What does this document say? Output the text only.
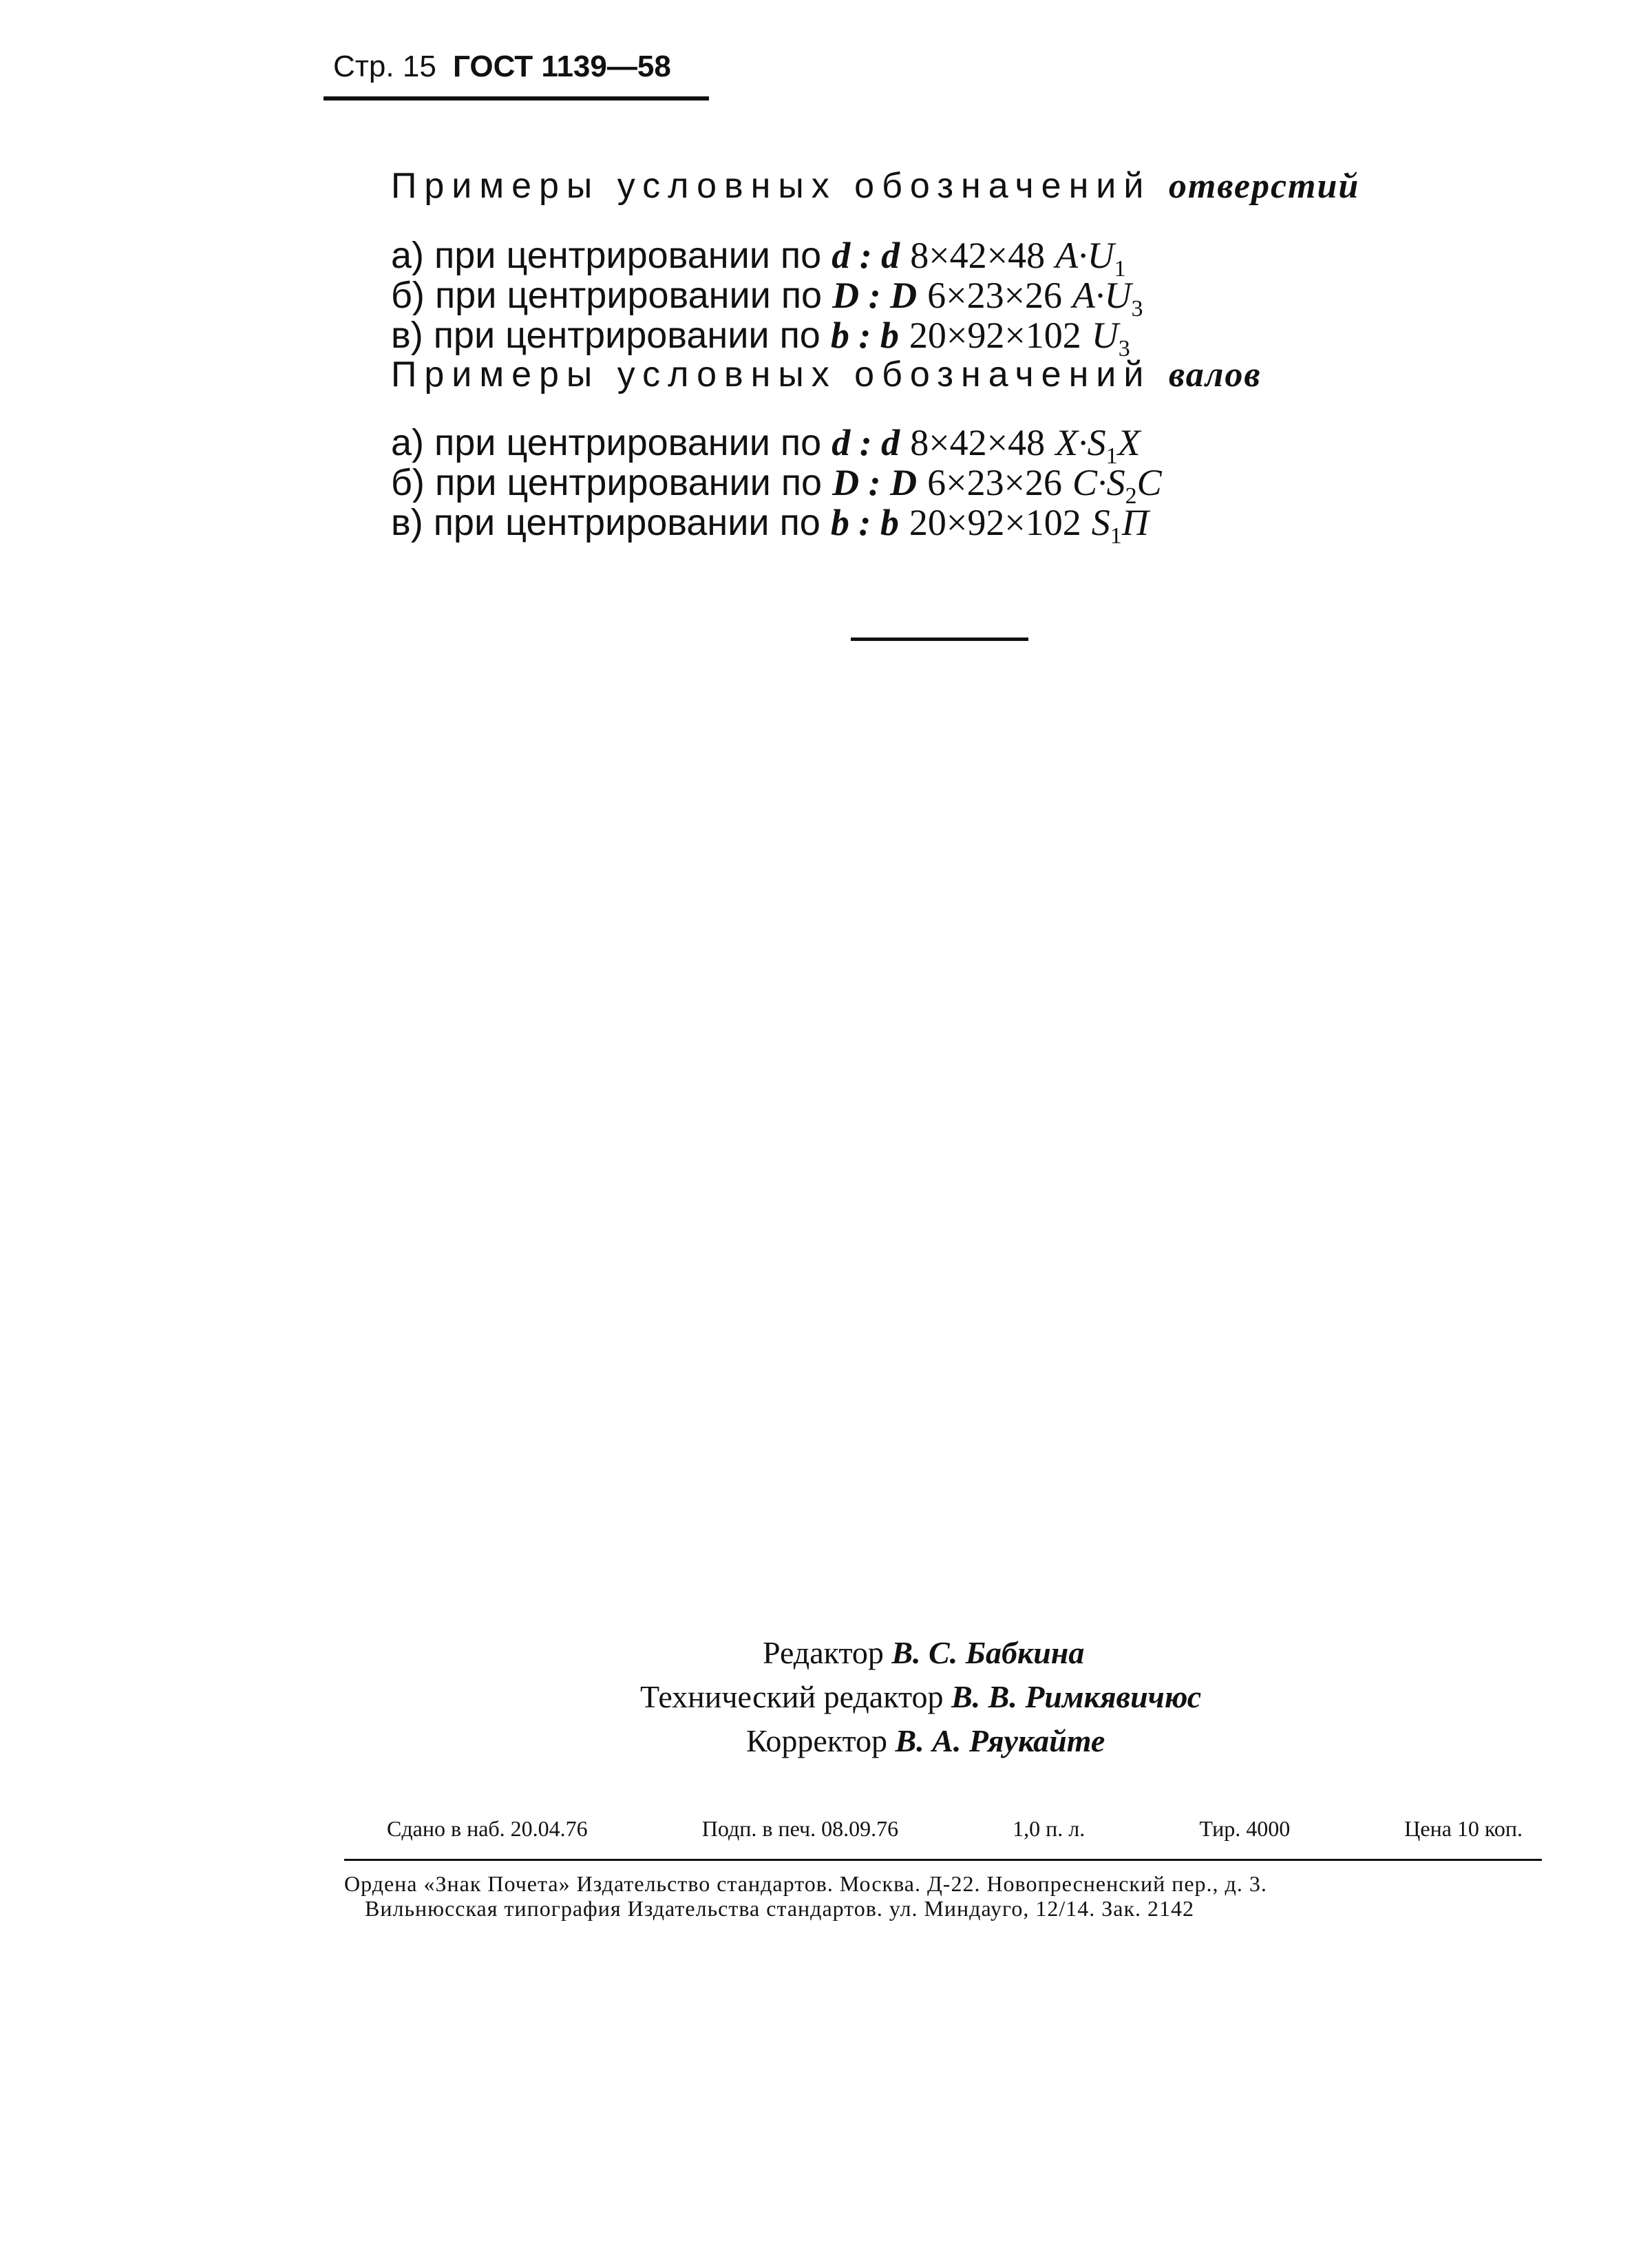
Стр. 15 ГОСТ 1139—58
Примеры условных обозначений отверстий
а) при центрировании по d : d 8×42×48 $A\cdot U_1$
б) при центрировании по D : D 6×23×26 $A\cdot U_3$
в) при центрировании по b : b 20×92×102 $U_3$
Примеры условных обозначений валов
а) при центрировании по d : d 8×42×48 $X\cdot S_1X$
б) при центрировании по D : D 6×23×26 $C\cdot S_2C$
в) при центрировании по b : b 20×92×102 $S_1П$
Редактор В. С. Бабкина
Технический редактор В. В. Римкявичюс
Корректор В. А. Ряукайте
Сдано в наб. 20.04.76	Подп. в печ. 08.09.76	1,0 п. л.	Тир. 4000	Цена 10 коп.
Ордена «Знак Почета» Издательство стандартов. Москва. Д-22. Новопресненский пер., д. 3.
Вильнюсская типография Издательства стандартов. ул. Миндауго, 12/14. Зак. 2142
